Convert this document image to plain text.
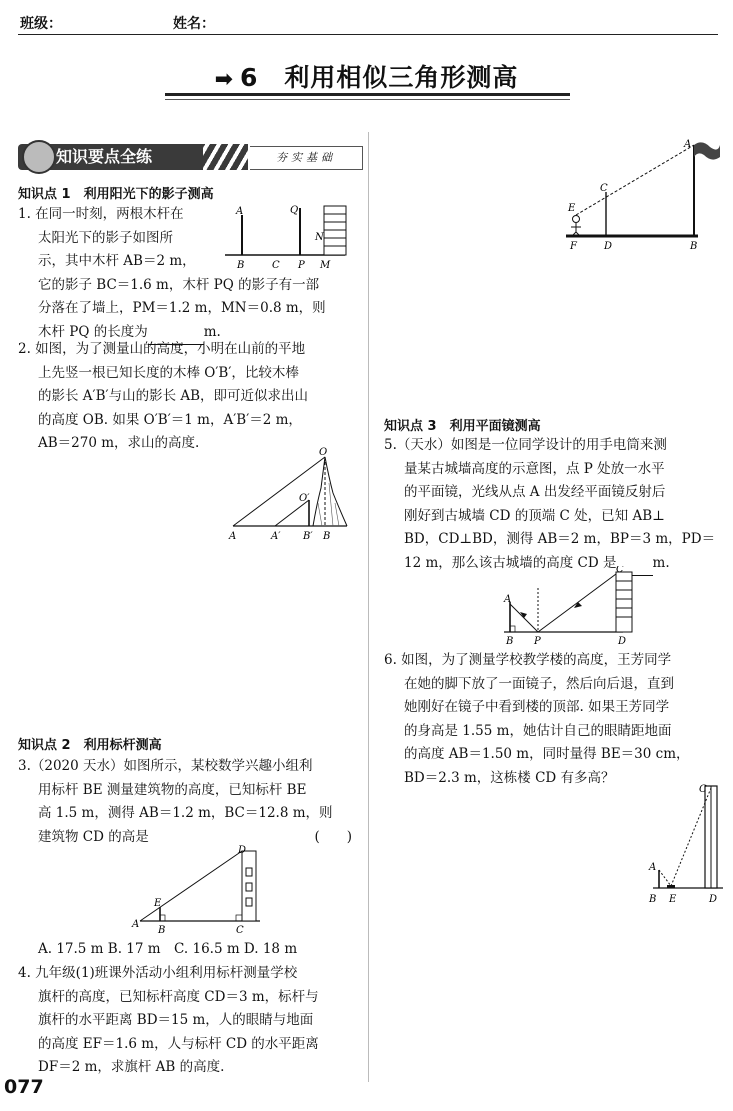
班级：	姓名：
➡ 6　 利用相似三角形测高
知识要点全练	夯实基础
知识点 1　利用阳光下的影子测高
1. 在同一时刻，两根木杆在
太阳光下的影子如图所
示，其中木杆 AB＝2 m，
它的影子 BC＝1.6 m，木杆 PQ 的影子有一部
分落在了墙上，PM＝1.2 m，MN＝0.8 m，则
木杆 PQ 的长度为	m.
A	Q
N
B	C P M
2. 如图，为了测量山的高度，小明在山前的平地
上先竖一根已知长度的木棒 O′B′，比较木棒
的影长 A′B′与山的影长 AB，即可近似求出山
的高度 OB. 如果 O′B′＝1 m，A′B′＝2 m，
AB＝270 m，求山的高度.
O
O′
A	A′ B′ B
知识点 2　利用标杆测高
3.（2020 天水）如图所示，某校数学兴趣小组利
用标杆 BE 测量建筑物的高度，已知标杆 BE
高 1.5 m，测得 AB＝1.2 m，BC＝12.8 m，则
建筑物 CD 的高是	(　　)
D
E
A
B	C
A. 17.5 m B. 17 m　C. 16.5 m D. 18 m
4. 九年级(1)班课外活动小组利用标杆测量学校
旗杆的高度，已知标杆高度 CD＝3 m，标杆与
旗杆的水平距离 BD＝15 m，人的眼睛与地面
的高度 EF＝1.6 m，人与标杆 CD 的水平距离
DF＝2 m，求旗杆 AB 的高度.
A
C
E
F	D	B
知识点 3　利用平面镜测高
5.（天水）如图是一位同学设计的用手电筒来测
量某古城墙高度的示意图，点 P 处放一水平
的平面镜，光线从点 A 出发经平面镜反射后
刚好到古城墙 CD 的顶端 C 处，已知 AB⊥
BD，CD⊥BD，测得 AB＝2 m，BP＝3 m，PD＝
12 m，那么该古城墙的高度 CD 是	m.
C
A
B P	D
6. 如图，为了测量学校教学楼的高度，王芳同学
在她的脚下放了一面镜子，然后向后退，直到
她刚好在镜子中看到楼的顶部. 如果王芳同学
的身高是 1.55 m，她估计自己的眼睛距地面
的高度 AB＝1.50 m，同时量得 BE＝30 cm，
BD＝2.3 m，这栋楼 CD 有多高？
C
A
B E	D
077
